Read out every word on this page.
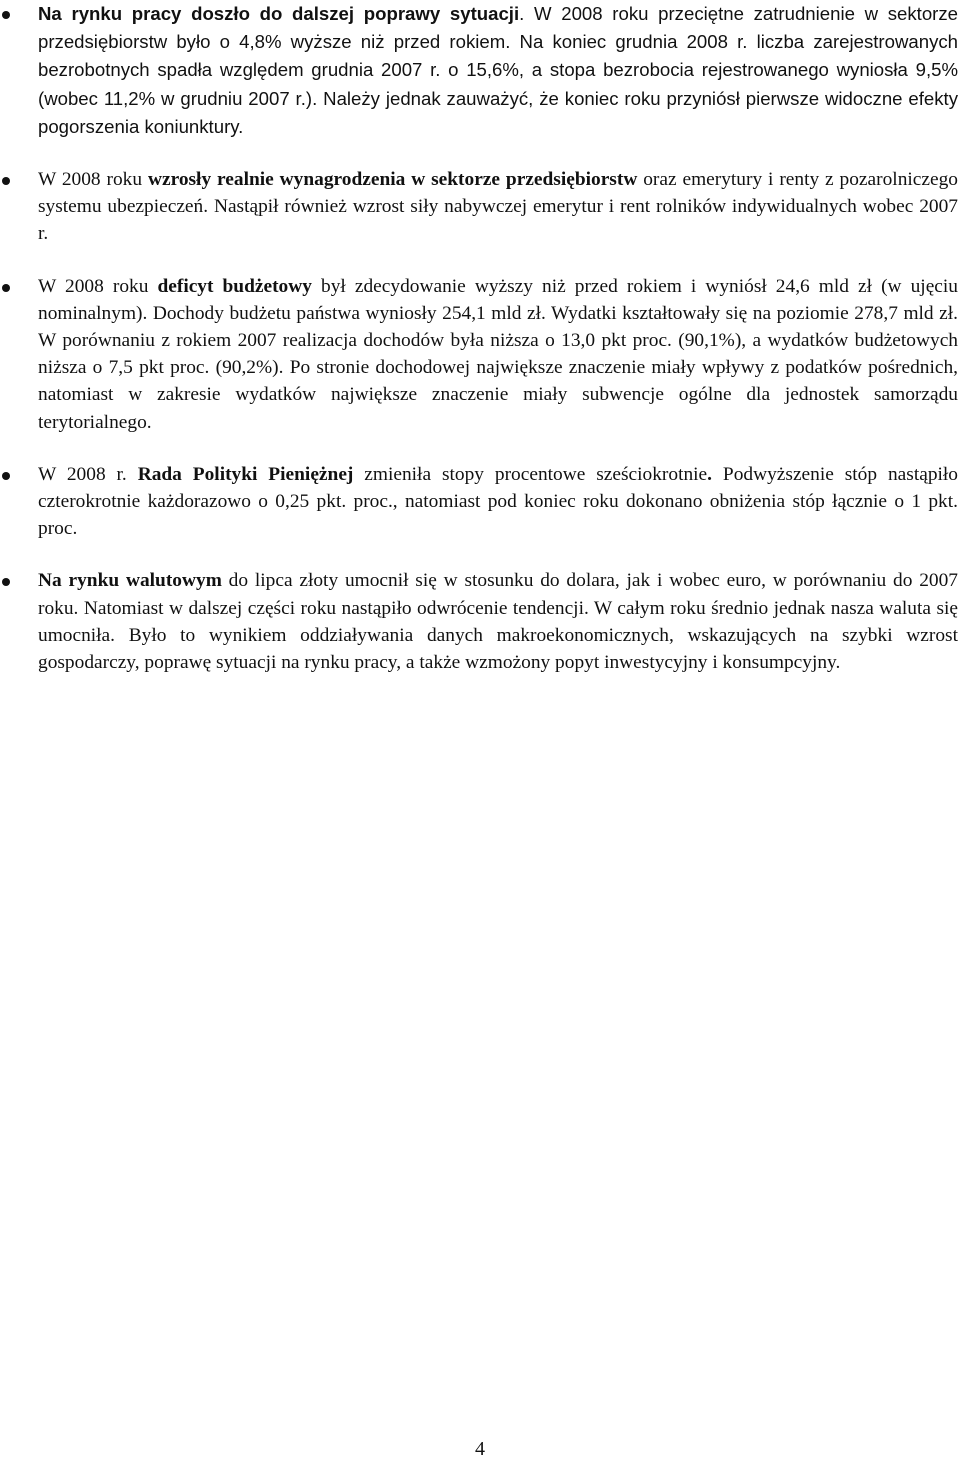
Na rynku pracy doszło do dalszej poprawy sytuacji. W 2008 roku przeciętne zatrudnienie w sektorze przedsiębiorstw było o 4,8% wyższe niż przed rokiem. Na koniec grudnia 2008 r. liczba zarejestrowanych bezrobotnych spadła względem grudnia 2007 r. o 15,6%, a stopa bezrobocia rejestrowanego wyniosła 9,5% (wobec 11,2% w grudniu 2007 r.). Należy jednak zauważyć, że koniec roku przyniósł pierwsze widoczne efekty pogorszenia koniunktury.
W 2008 roku wzrosły realnie wynagrodzenia w sektorze przedsiębiorstw oraz emerytury i renty z pozarolniczego systemu ubezpieczeń. Nastąpił również wzrost siły nabywczej emerytur i rent rolników indywidualnych wobec 2007 r.
W 2008 roku deficyt budżetowy był zdecydowanie wyższy niż przed rokiem i wyniósł 24,6 mld zł (w ujęciu nominalnym). Dochody budżetu państwa wyniosły 254,1 mld zł. Wydatki kształtowały się na poziomie 278,7 mld zł. W porównaniu z rokiem 2007 realizacja dochodów była niższa o 13,0 pkt proc. (90,1%), a wydatków budżetowych niższa o 7,5 pkt proc. (90,2%). Po stronie dochodowej największe znaczenie miały wpływy z podatków pośrednich, natomiast w zakresie wydatków największe znaczenie miały subwencje ogólne dla jednostek samorządu terytorialnego.
W 2008 r. Rada Polityki Pieniężnej zmieniła stopy procentowe sześciokrotnie. Podwyższenie stóp nastąpiło czterokrotnie każdorazowo o 0,25 pkt. proc., natomiast pod koniec roku dokonano obniżenia stóp łącznie o 1 pkt. proc.
Na rynku walutowym do lipca złoty umocnił się w stosunku do dolara, jak i wobec euro, w porównaniu do 2007 roku. Natomiast w dalszej części roku nastąpiło odwrócenie tendencji. W całym roku średnio jednak nasza waluta się umocniła. Było to wynikiem oddziaływania danych makroekonomicznych, wskazujących na szybki wzrost gospodarczy, poprawę sytuacji na rynku pracy, a także wzmożony popyt inwestycyjny i konsumpcyjny.
4
